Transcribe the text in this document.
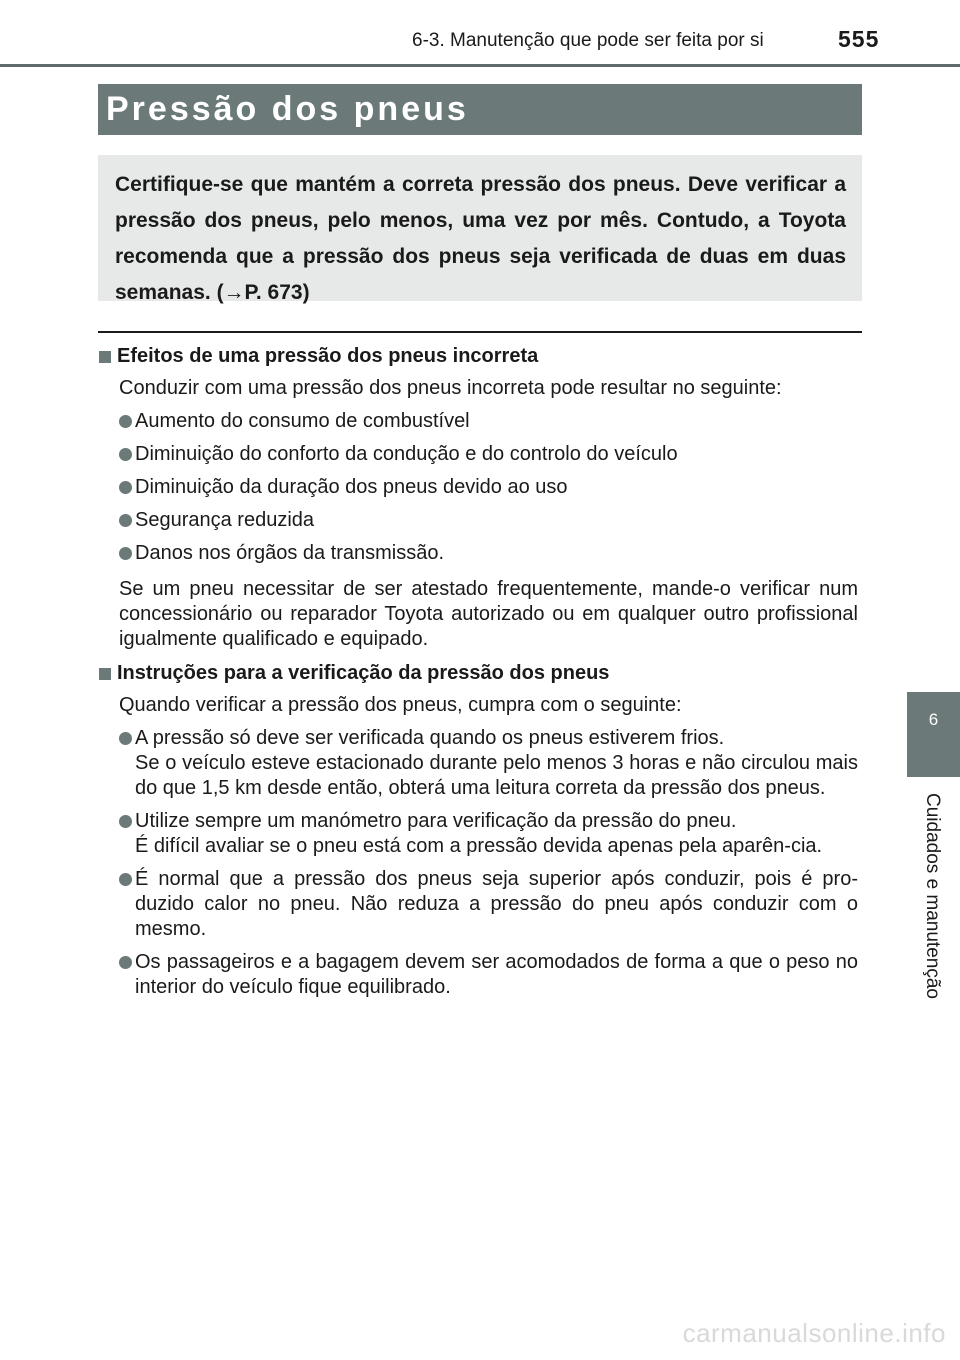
6-3. Manutenção que pode ser feita por si	555
Pressão dos pneus

Certifique-se que mantém a correta pressão dos pneus. Deve verificar a pressão dos pneus, pelo menos, uma vez por mês. Contudo, a Toyota recomenda que a pressão dos pneus seja verificada de duas em duas semanas. (→P. 673)

Efeitos de uma pressão dos pneus incorreta
Conduzir com uma pressão dos pneus incorreta pode resultar no seguinte:
Aumento do consumo de combustível
Diminuição do conforto da condução e do controlo do veículo
Diminuição da duração dos pneus devido ao uso
Segurança reduzida
Danos nos órgãos da transmissão.
Se um pneu necessitar de ser atestado frequentemente, mande-o verificar num concessionário ou reparador Toyota autorizado ou em qualquer outro profissional igualmente qualificado e equipado.
Instruções para a verificação da pressão dos pneus
Quando verificar a pressão dos pneus, cumpra com o seguinte:
A pressão só deve ser verificada quando os pneus estiverem frios.
Se o veículo esteve estacionado durante pelo menos 3 horas e não circulou mais do que 1,5 km desde então, obterá uma leitura correta da pressão dos pneus.
Utilize sempre um manómetro para verificação da pressão do pneu.
É difícil avaliar se o pneu está com a pressão devida apenas pela aparên-cia.
É normal que a pressão dos pneus seja superior após conduzir, pois é pro-duzido calor no pneu. Não reduza a pressão do pneu após conduzir com o mesmo.
Os passageiros e a bagagem devem ser acomodados de forma a que o peso no interior do veículo fique equilibrado.
6
Cuidados e manutenção
carmanualsonline.info
